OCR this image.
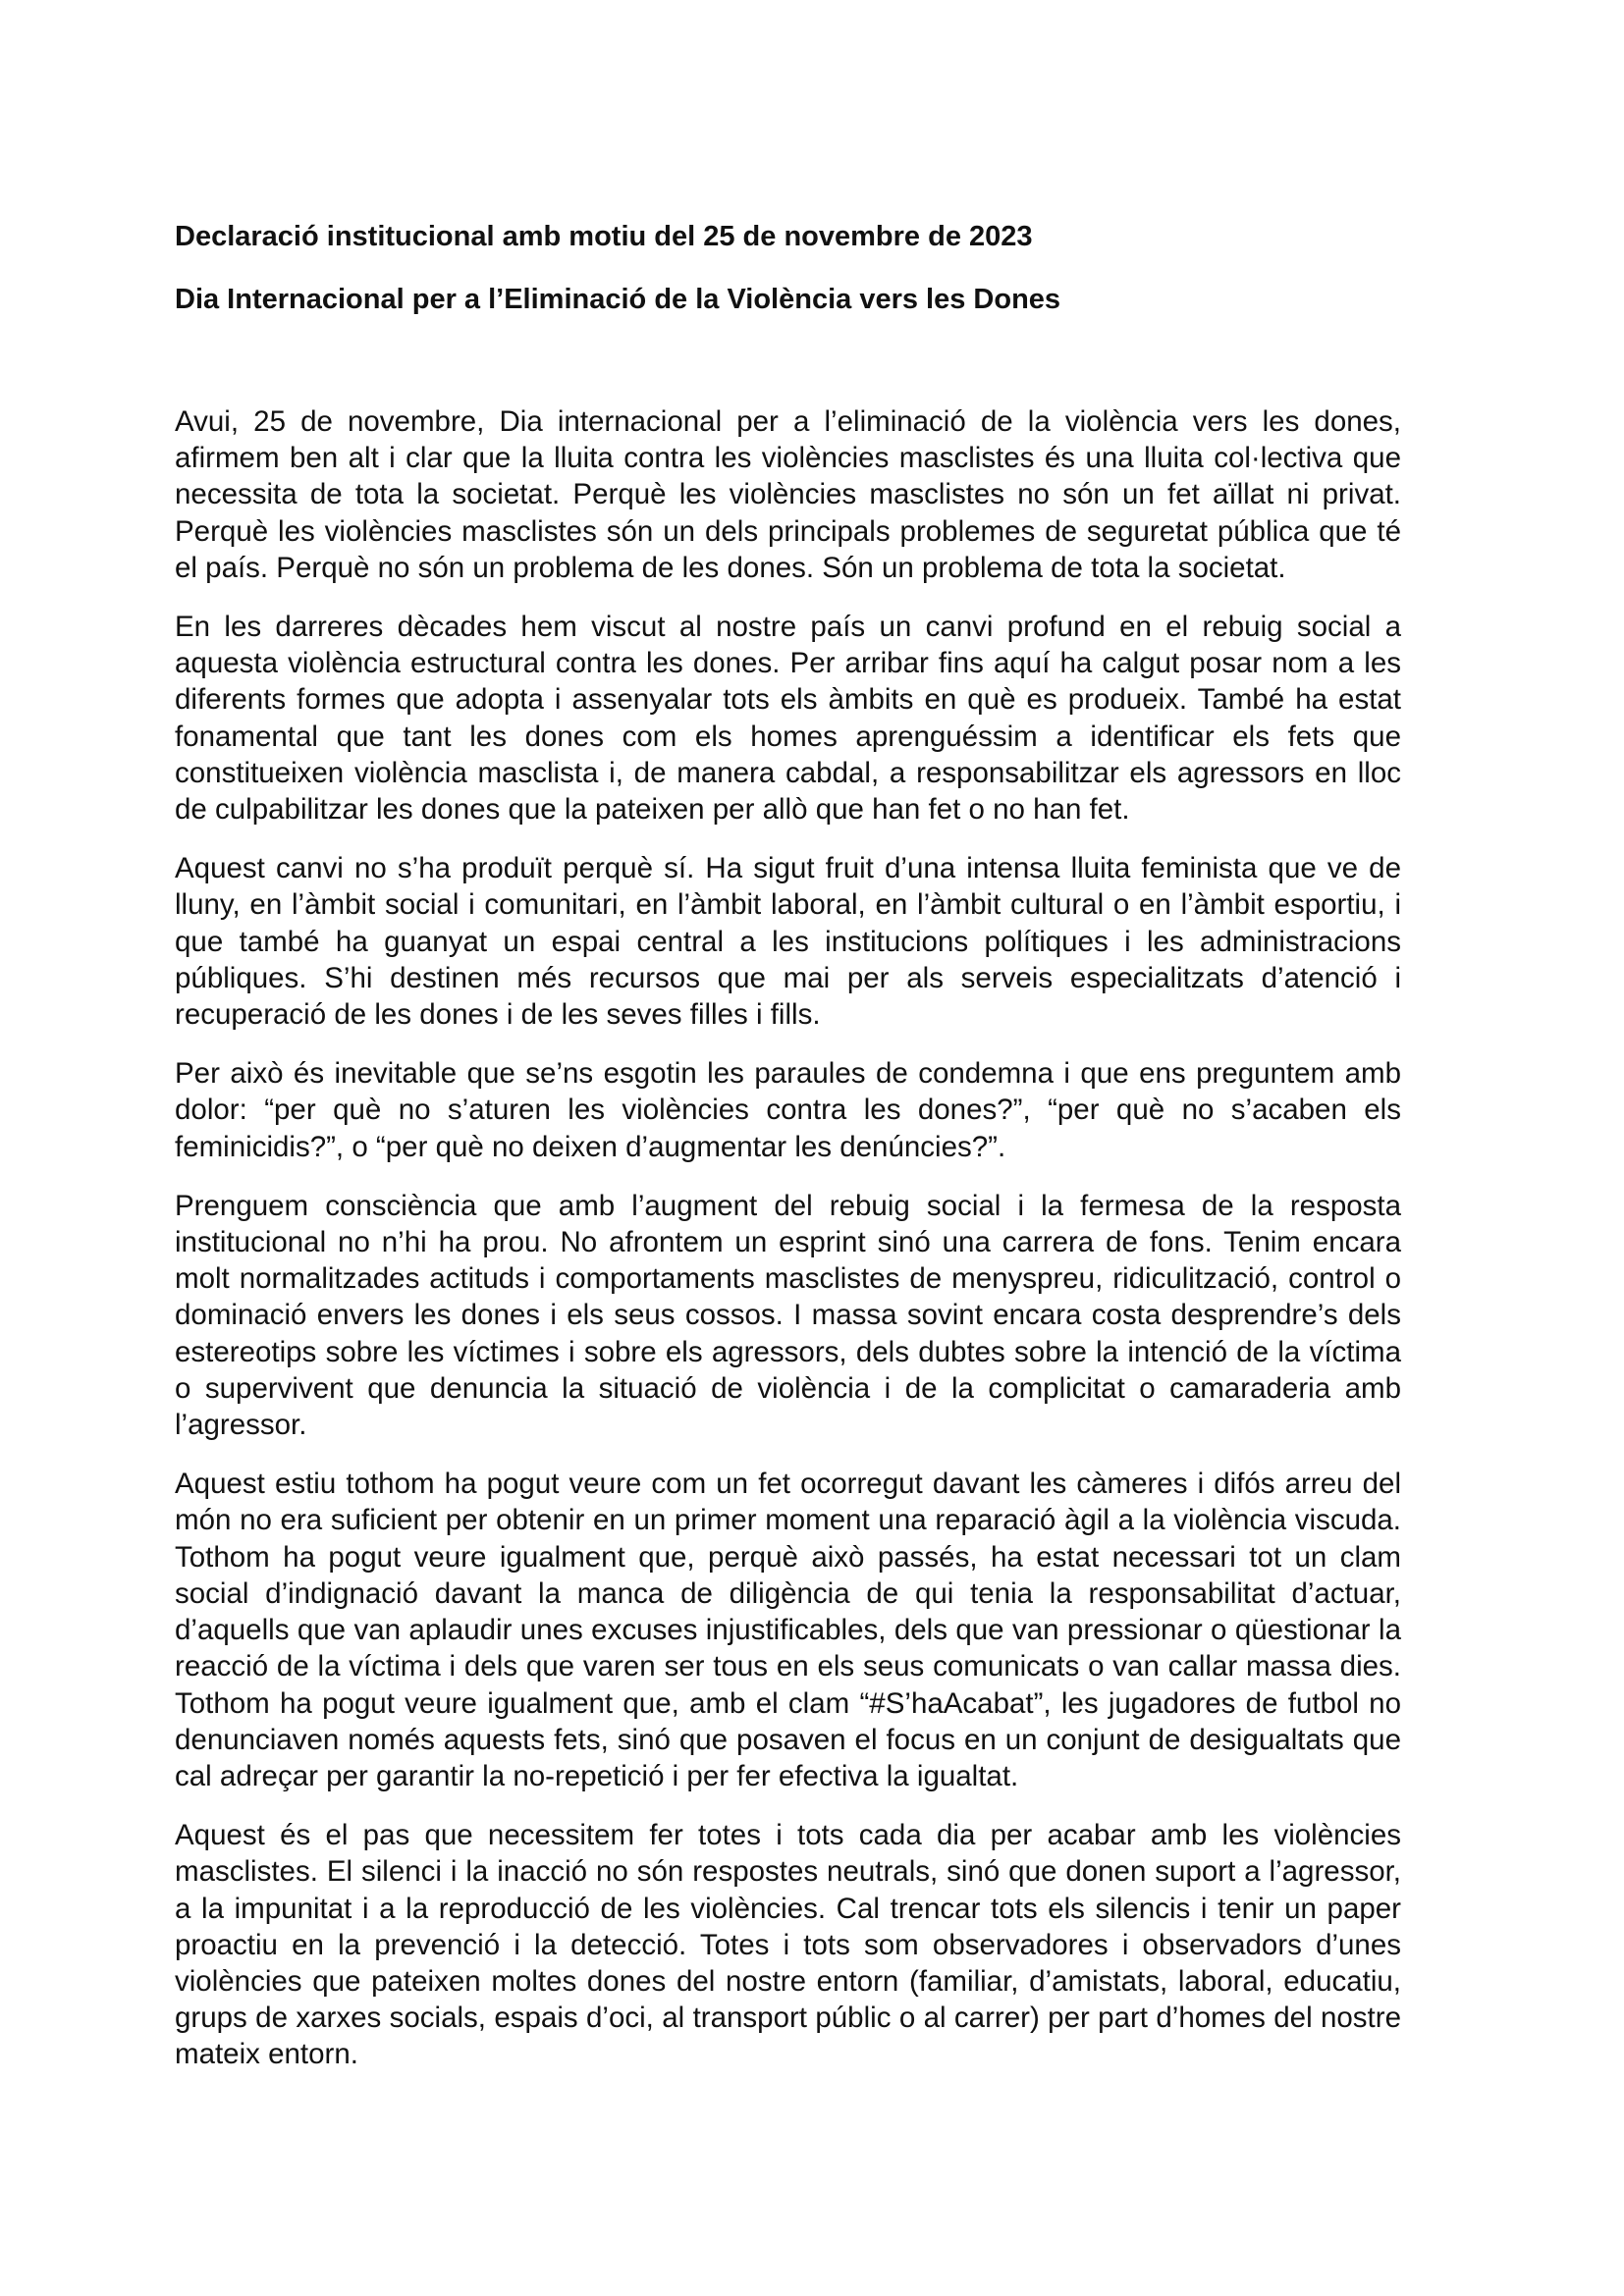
Declaració institucional amb motiu del 25 de novembre de 2023

Dia Internacional per a l’Eliminació de la Violència vers les Dones

Avui, 25 de novembre, Dia internacional per a l’eliminació de la violència vers les dones, afirmem ben alt i clar que la lluita contra les violències masclistes és una lluita col·lectiva que necessita de tota la societat. Perquè les violències masclistes no són un fet aïllat ni privat. Perquè les violències masclistes són un dels principals problemes de seguretat pública que té el país. Perquè no són un problema de les dones. Són un problema de tota la societat.

En les darreres dècades hem viscut al nostre país un canvi profund en el rebuig social a aquesta violència estructural contra les dones. Per arribar fins aquí ha calgut posar nom a les diferents formes que adopta i assenyalar tots els àmbits en què es produeix. També ha estat fonamental que tant les dones com els homes aprenguéssim a identificar els fets que constitueixen violència masclista i, de manera cabdal, a responsabilitzar els agressors en lloc de culpabilitzar les dones que la pateixen per allò que han fet o no han fet.

Aquest canvi no s’ha produït perquè sí. Ha sigut fruit d’una intensa lluita feminista que ve de lluny, en l’àmbit social i comunitari, en l’àmbit laboral, en l’àmbit cultural o en l’àmbit esportiu, i que també ha guanyat un espai central a les institucions polítiques i les administracions públiques. S’hi destinen més recursos que mai per als serveis especialitzats d’atenció i recuperació de les dones i de les seves filles i fills.

Per això és inevitable que se’ns esgotin les paraules de condemna i que ens preguntem amb dolor: “per què no s’aturen les violències contra les dones?”, “per què no s’acaben els feminicidis?”, o “per què no deixen d’augmentar les denúncies?”.

Prenguem consciència que amb l’augment del rebuig social i la fermesa de la resposta institucional no n’hi ha prou. No afrontem un esprint sinó una carrera de fons. Tenim encara molt normalitzades actituds i comportaments masclistes de menyspreu, ridiculització, control o dominació envers les dones i els seus cossos. I massa sovint encara costa desprendre’s dels estereotips sobre les víctimes i sobre els agressors, dels dubtes sobre la intenció de la víctima o supervivent que denuncia la situació de violència i de la complicitat o camaraderia amb l’agressor.

Aquest estiu tothom ha pogut veure com un fet ocorregut davant les càmeres i difós arreu del món no era suficient per obtenir en un primer moment una reparació àgil a la violència viscuda. Tothom ha pogut veure igualment que, perquè això passés, ha estat necessari tot un clam social d’indignació davant la manca de diligència de qui tenia la responsabilitat d’actuar, d’aquells que van aplaudir unes excuses injustificables, dels que van pressionar o qüestionar la reacció de la víctima i dels que varen ser tous en els seus comunicats o van callar massa dies. Tothom ha pogut veure igualment que, amb el clam “#S’haAcabat”, les jugadores de futbol no denunciaven només aquests fets, sinó que posaven el focus en un conjunt de desigualtats que cal adreçar per garantir la no-repetició i per fer efectiva la igualtat.

Aquest és el pas que necessitem fer totes i tots cada dia per acabar amb les violències masclistes. El silenci i la inacció no són respostes neutrals, sinó que donen suport a l’agressor, a la impunitat i a la reproducció de les violències. Cal trencar tots els silencis i tenir un paper proactiu en la prevenció i la detecció. Totes i tots som observadores i observadors d’unes violències que pateixen moltes dones del nostre entorn (familiar, d’amistats, laboral, educatiu, grups de xarxes socials, espais d’oci, al transport públic o al carrer) per part d’homes del nostre mateix entorn.
